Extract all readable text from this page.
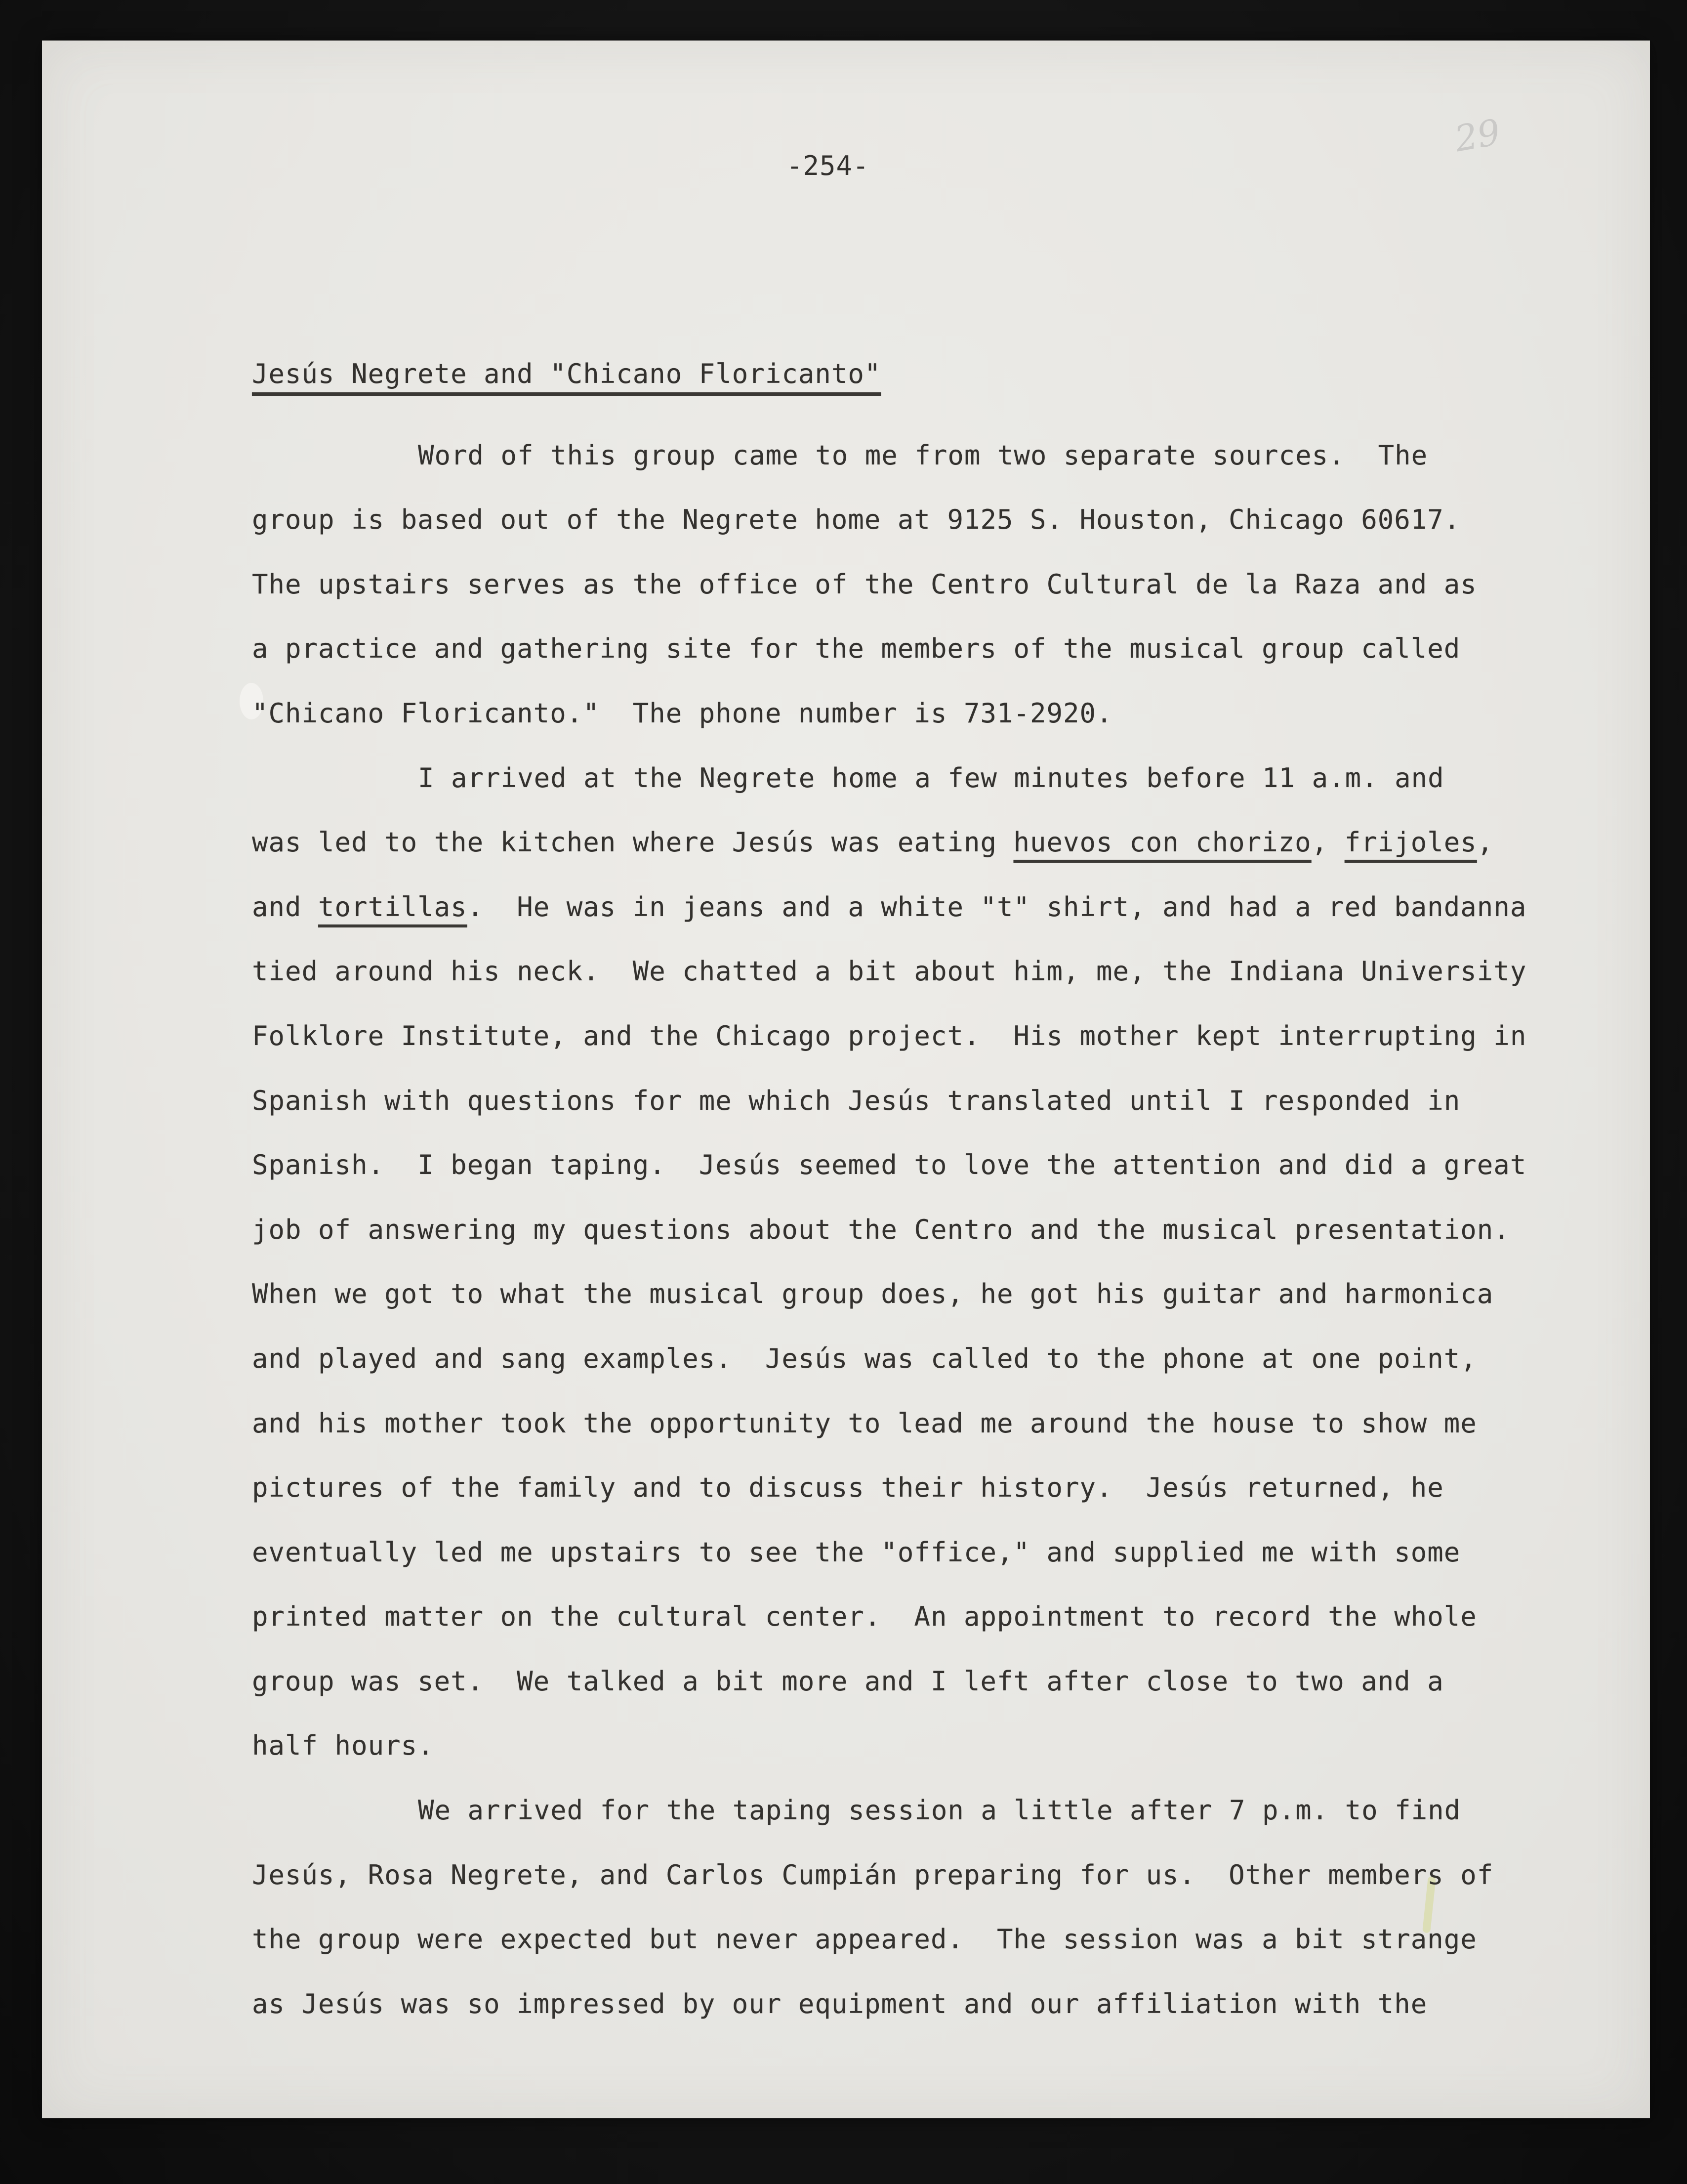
29
-254-
Jesús Negrete and "Chicano Floricanto"
Word of this group came to me from two separate sources.  The
group is based out of the Negrete home at 9125 S. Houston, Chicago 60617.
The upstairs serves as the office of the Centro Cultural de la Raza and as
a practice and gathering site for the members of the musical group called
"Chicano Floricanto."  The phone number is 731-2920.
I arrived at the Negrete home a few minutes before 11 a.m. and
was led to the kitchen where Jesús was eating huevos con chorizo, frijoles,
and tortillas.  He was in jeans and a white "t" shirt, and had a red bandanna
tied around his neck.  We chatted a bit about him, me, the Indiana University
Folklore Institute, and the Chicago project.  His mother kept interrupting in
Spanish with questions for me which Jesús translated until I responded in
Spanish.  I began taping.  Jesús seemed to love the attention and did a great
job of answering my questions about the Centro and the musical presentation.
When we got to what the musical group does, he got his guitar and harmonica
and played and sang examples.  Jesús was called to the phone at one point,
and his mother took the opportunity to lead me around the house to show me
pictures of the family and to discuss their history.  Jesús returned, he
eventually led me upstairs to see the "office," and supplied me with some
printed matter on the cultural center.  An appointment to record the whole
group was set.  We talked a bit more and I left after close to two and a
half hours.
We arrived for the taping session a little after 7 p.m. to find
Jesús, Rosa Negrete, and Carlos Cumpián preparing for us.  Other members of
the group were expected but never appeared.  The session was a bit strange
as Jesús was so impressed by our equipment and our affiliation with the
